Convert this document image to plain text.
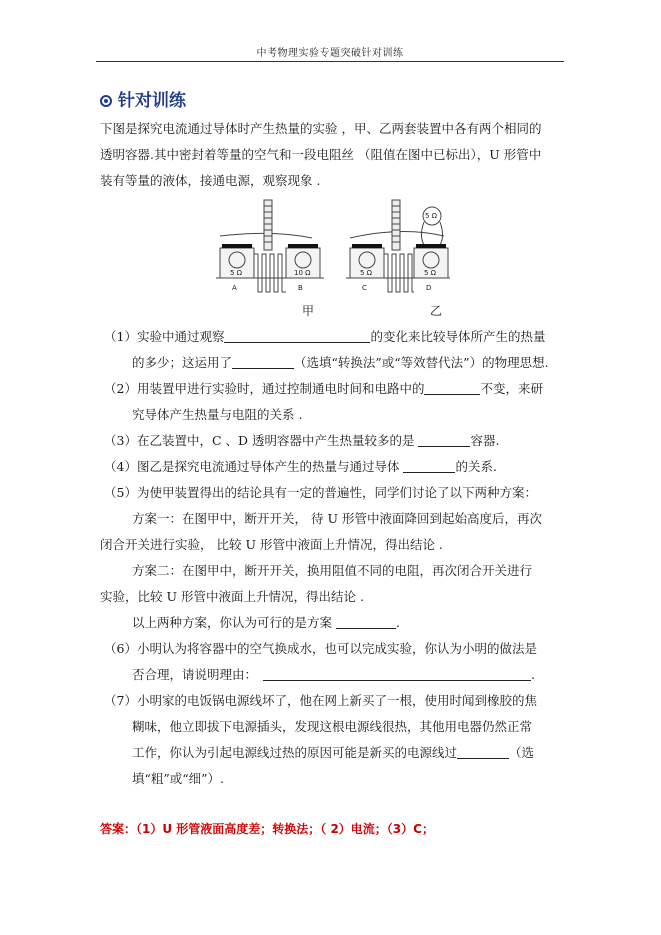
中考物理实验专题突破针对训练
针对训练
下图是探究电流通过导体时产生热量的实验 ，甲、乙两套装置中各有两个相同的
透明容器.其中密封着等量的空气和一段电阻丝 （阻值在图中已标出），U 形管中
装有等量的液体，接通电源，观察现象 .
5 Ω	10 Ω	5 Ω	5 Ω
5 Ω
A	B	C	D
甲	乙
（1）实验中通过观察	的变化来比较导体所产生的热量
的多少；这运用了	（选填“转换法”或“等效替代法”）的物理思想.
（2）用装置甲进行实验时，通过控制通电时间和电路中的	不变，来研
究导体产生热量与电阻的关系 .
（3）在乙装置中，C 、D 透明容器中产生热量较多的是	容器.
（4）图乙是探究电流通过导体产生的热量与通过导体	的关系.
（5）为使甲装置得出的结论具有一定的普遍性，同学们讨论了以下两种方案：
方案一：在图甲中，断开开关， 待 U 形管中液面降回到起始高度后，再次
闭合开关进行实验， 比较 U 形管中液面上升情况，得出结论 .
方案二：在图甲中，断开开关，换用阻值不同的电阻，再次闭合开关进行
实验，比较 U 形管中液面上升情况，得出结论 .
以上两种方案，你认为可行的是方案	.
（6）小明认为将容器中的空气换成水，也可以完成实验，你认为小明的做法是
否合理，请说明理由：	.
（7）小明家的电饭锅电源线坏了，他在网上新买了一根，使用时闻到橡胶的焦
糊味，他立即拔下电源插头，发现这根电源线很热，其他用电器仍然正常
工作，你认为引起电源线过热的原因可能是新买的电源线过	（选
填“粗”或“细”）.
答案：（1）U 形管液面高度差；转换法；（ 2）电流；（3）C；
